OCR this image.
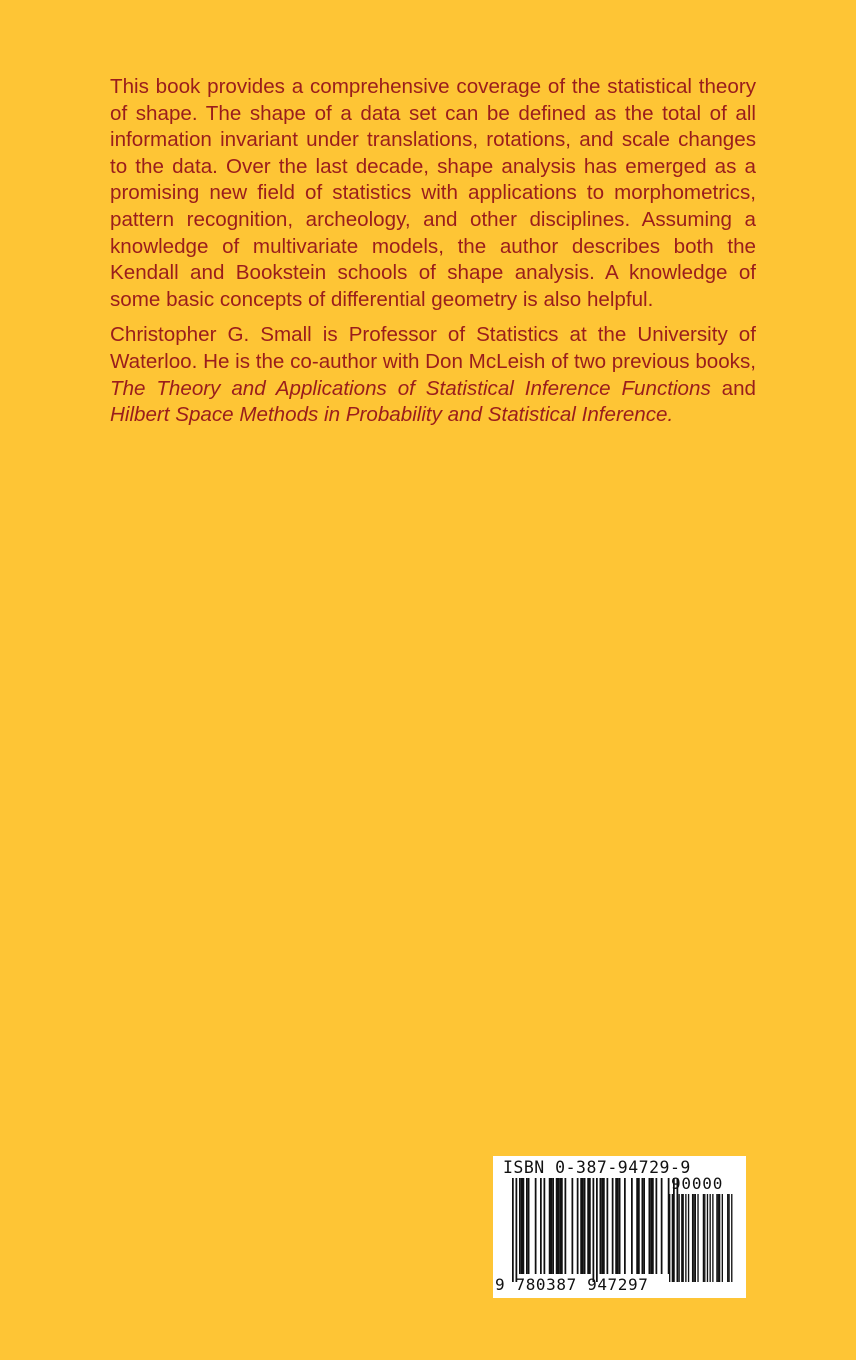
This book provides a comprehensive coverage of the statistical theory of shape. The shape of a data set can be defined as the total of all information invariant under translations, rotations, and scale changes to the data. Over the last decade, shape analysis has emerged as a promising new field of statistics with applications to morphometrics, pattern recognition, archeology, and other disciplines. Assuming a knowledge of multivariate models, the author describes both the Kendall and Bookstein schools of shape analysis. A knowledge of some basic concepts of differential geometry is also helpful.

Christopher G. Small is Professor of Statistics at the University of Waterloo. He is the co-author with Don McLeish of two previous books, The Theory and Applications of Statistical Inference Functions and Hilbert Space Methods in Probability and Statistical Inference.

ISBN 0-387-94729-9
90000
9 780387 947297
